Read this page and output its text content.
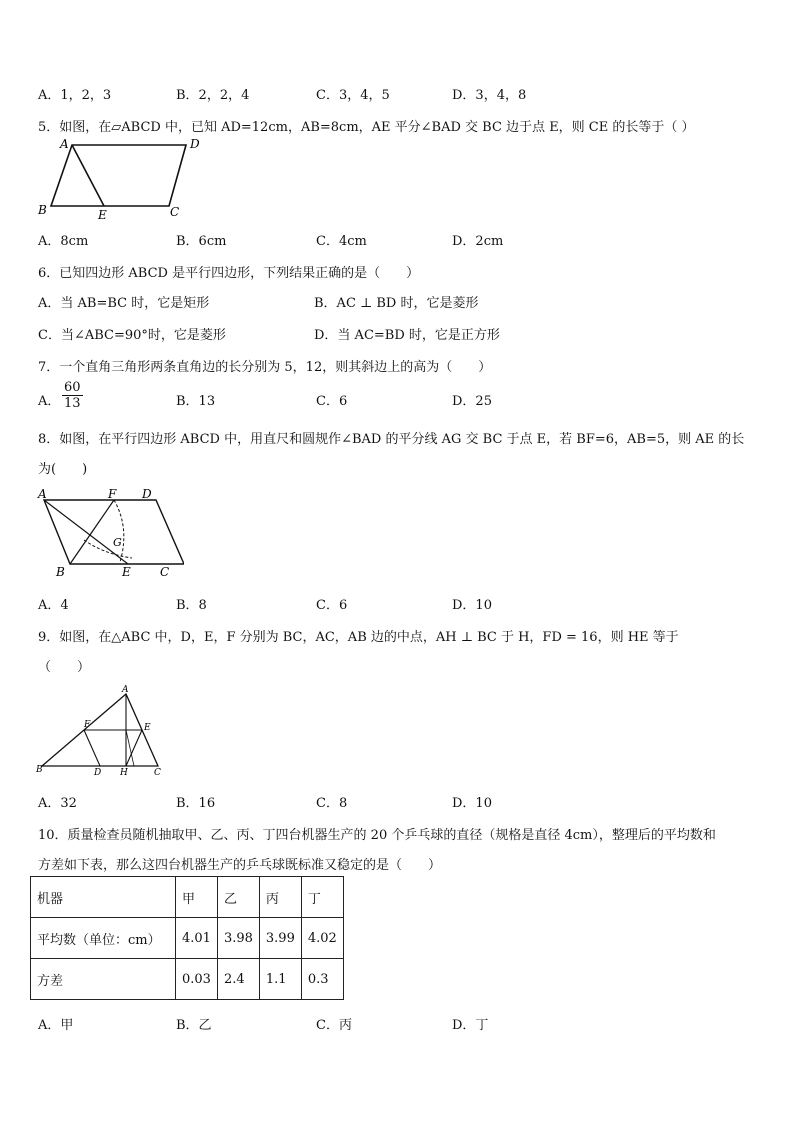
A．1，2，3	B．2，2，4	C．3，4，5	D．3，4，8
5．如图，在▱ABCD 中，已知 AD=12cm，AB=8cm，AE 平分∠BAD 交 BC 边于点 E，则 CE 的长等于（ ）
A	D
B	E	C
A．8cm	B．6cm	C．4cm	D．2cm
6．已知四边形 ABCD 是平行四边形，下列结果正确的是（　　）
A．当 AB=BC 时，它是矩形	B．AC ⊥ BD 时，它是菱形
C．当∠ABC=90°时，它是菱形	D．当 AC=BD 时，它是正方形
7．一个直角三角形两条直角边的长分别为 5，12，则其斜边上的高为（　　）
A． $\frac{60}{13}$	B．13	C．6	D．25
8．如图，在平行四边形 ABCD 中，用直尺和圆规作∠BAD 的平分线 AG 交 BC 于点 E，若 BF=6，AB=5，则 AE 的长
为(　　)
A	F D
G
B	E C
A．4	B．8	C．6	D．10
9．如图，在△ABC 中，D，E，F 分别为 BC，AC，AB 边的中点，AH ⊥ BC 于 H，FD = 16，则 HE 等于
（　　）
A
F	E
B	D H	C
A．32	B．16	C．8	D．10
10．质量检查员随机抽取甲、乙、丙、丁四台机器生产的 20 个乒乓球的直径（规格是直径 4cm），整理后的平均数和
方差如下表，那么这四台机器生产的乒乓球既标准又稳定的是（　　）
机器	甲	乙	丙	丁
平均数（单位：cm）	4.01	3.98	3.99	4.02
方差	0.03	2.4	1.1	0.3
A．甲	B．乙	C．丙	D．丁
